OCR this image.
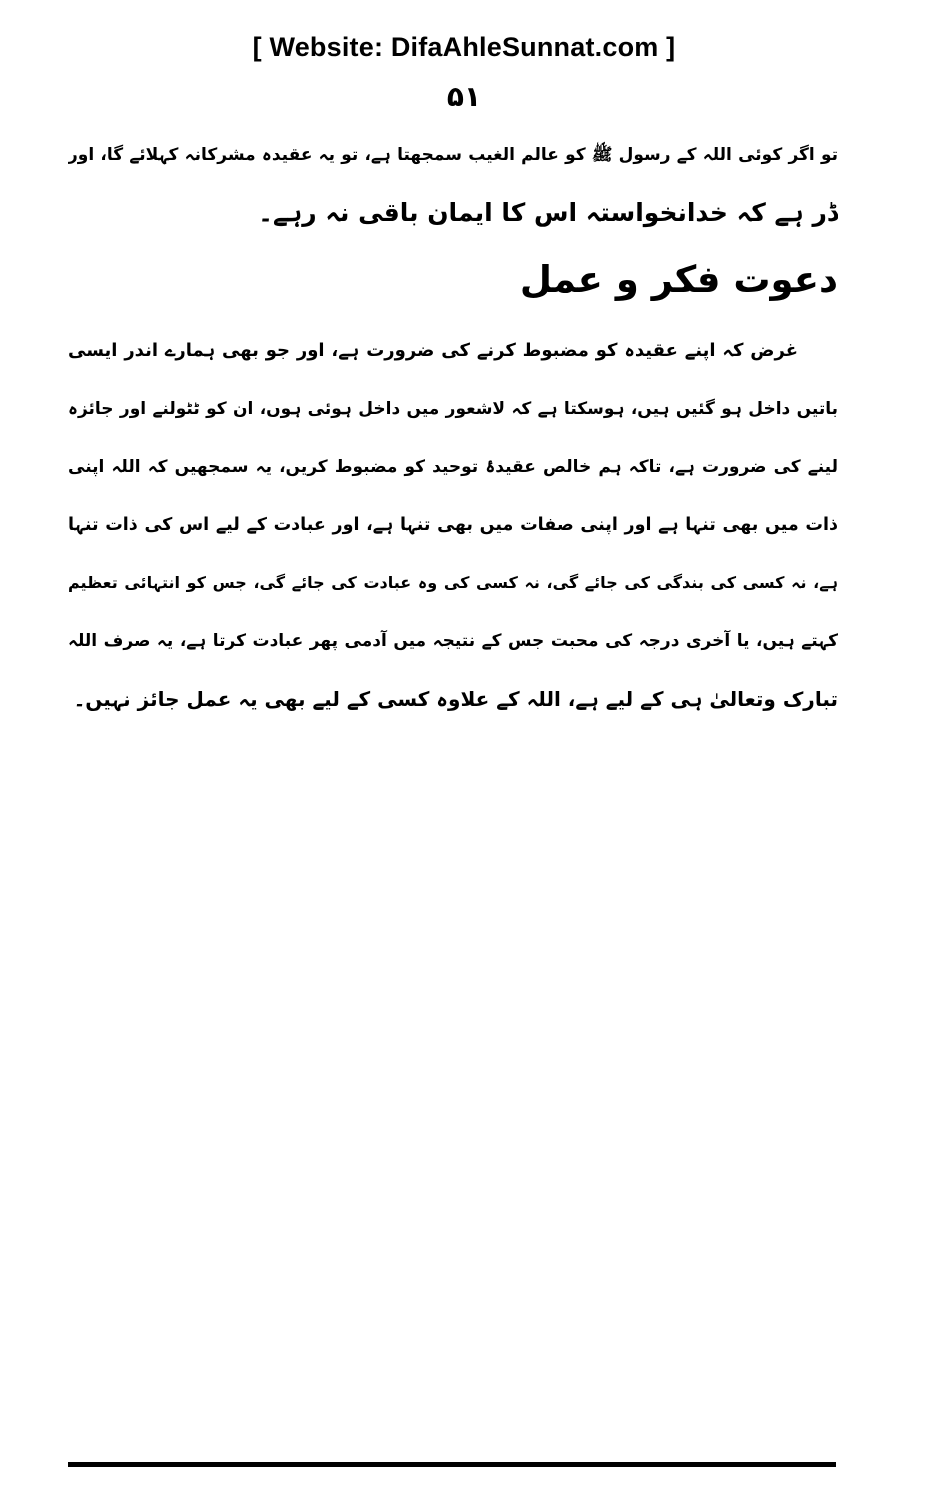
[ Website: DifaAhleSunnat.com ]
۵۱
تو اگر کوئی اللہ کے رسول ﷺ کو عالم الغیب سمجھتا ہے، تو یہ عقیدہ مشرکانہ کہلائے گا، اور
ڈر ہے کہ خدانخواستہ اس کا ایمان باقی نہ رہے۔
دعوت فکر و عمل
غرض کہ اپنے عقیدہ کو مضبوط کرنے کی ضرورت ہے، اور جو بھی ہمارے اندر ایسی
باتیں داخل ہو گئیں ہیں، ہوسکتا ہے کہ لاشعور میں داخل ہوئی ہوں، ان کو ٹٹولنے اور جائزہ
لینے کی ضرورت ہے، تاکہ ہم خالص عقیدۂ توحید کو مضبوط کریں، یہ سمجھیں کہ اللہ اپنی
ذات میں بھی تنہا ہے اور اپنی صفات میں بھی تنہا ہے، اور عبادت کے لیے اس کی ذات تنہا
ہے، نہ کسی کی بندگی کی جائے گی، نہ کسی کی وہ عبادت کی جائے گی، جس کو انتہائی تعظیم
کہتے ہیں، یا آخری درجہ کی محبت جس کے نتیجہ میں آدمی پھر عبادت کرتا ہے، یہ صرف اللہ
تبارک وتعالیٰ ہی کے لیے ہے، اللہ کے علاوہ کسی کے لیے بھی یہ عمل جائز نہیں۔
